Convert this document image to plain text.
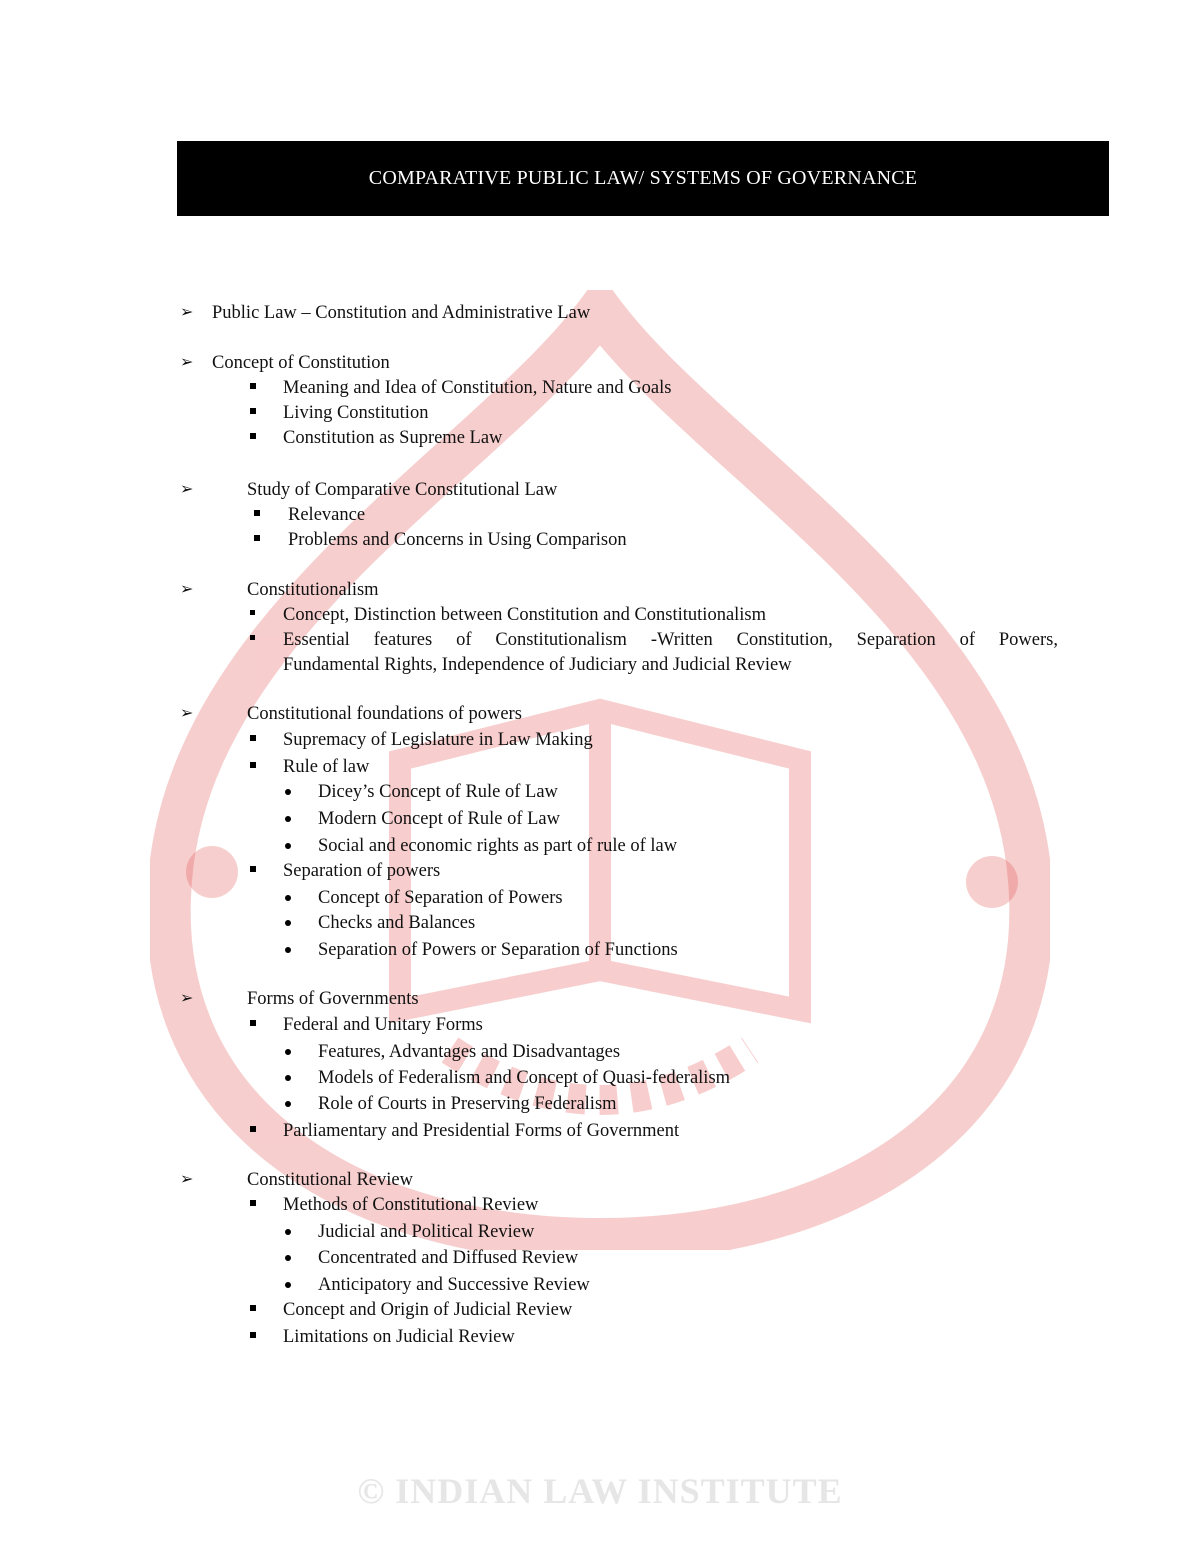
COMPARATIVE PUBLIC LAW/ SYSTEMS OF GOVERNANCE
➢ Public Law – Constitution and Administrative Law
➢ Concept of Constitution
Meaning and Idea of Constitution, Nature and Goals
Living Constitution
Constitution as Supreme Law
➢	Study of Comparative Constitutional Law
Relevance
Problems and Concerns in Using Comparison
➢	Constitutionalism
Concept, Distinction between Constitution and Constitutionalism
Essential features of Constitutionalism -Written Constitution, Separation of Powers,
Fundamental Rights, Independence of Judiciary and Judicial Review
➢	Constitutional foundations of powers
Supremacy of Legislature in Law Making
Rule of law
Dicey’s Concept of Rule of Law
Modern Concept of Rule of Law
Social and economic rights as part of rule of law
Separation of powers
Concept of Separation of Powers
Checks and Balances
Separation of Powers or Separation of Functions
➢	Forms of Governments
Federal and Unitary Forms
Features, Advantages and Disadvantages
Models of Federalism and Concept of Quasi-federalism
Role of Courts in Preserving Federalism
Parliamentary and Presidential Forms of Government
➢	Constitutional Review
Methods of Constitutional Review
Judicial and Political Review
Concentrated and Diffused Review
Anticipatory and Successive Review
Concept and Origin of Judicial Review
Limitations on Judicial Review
© INDIAN LAW INSTITUTE
